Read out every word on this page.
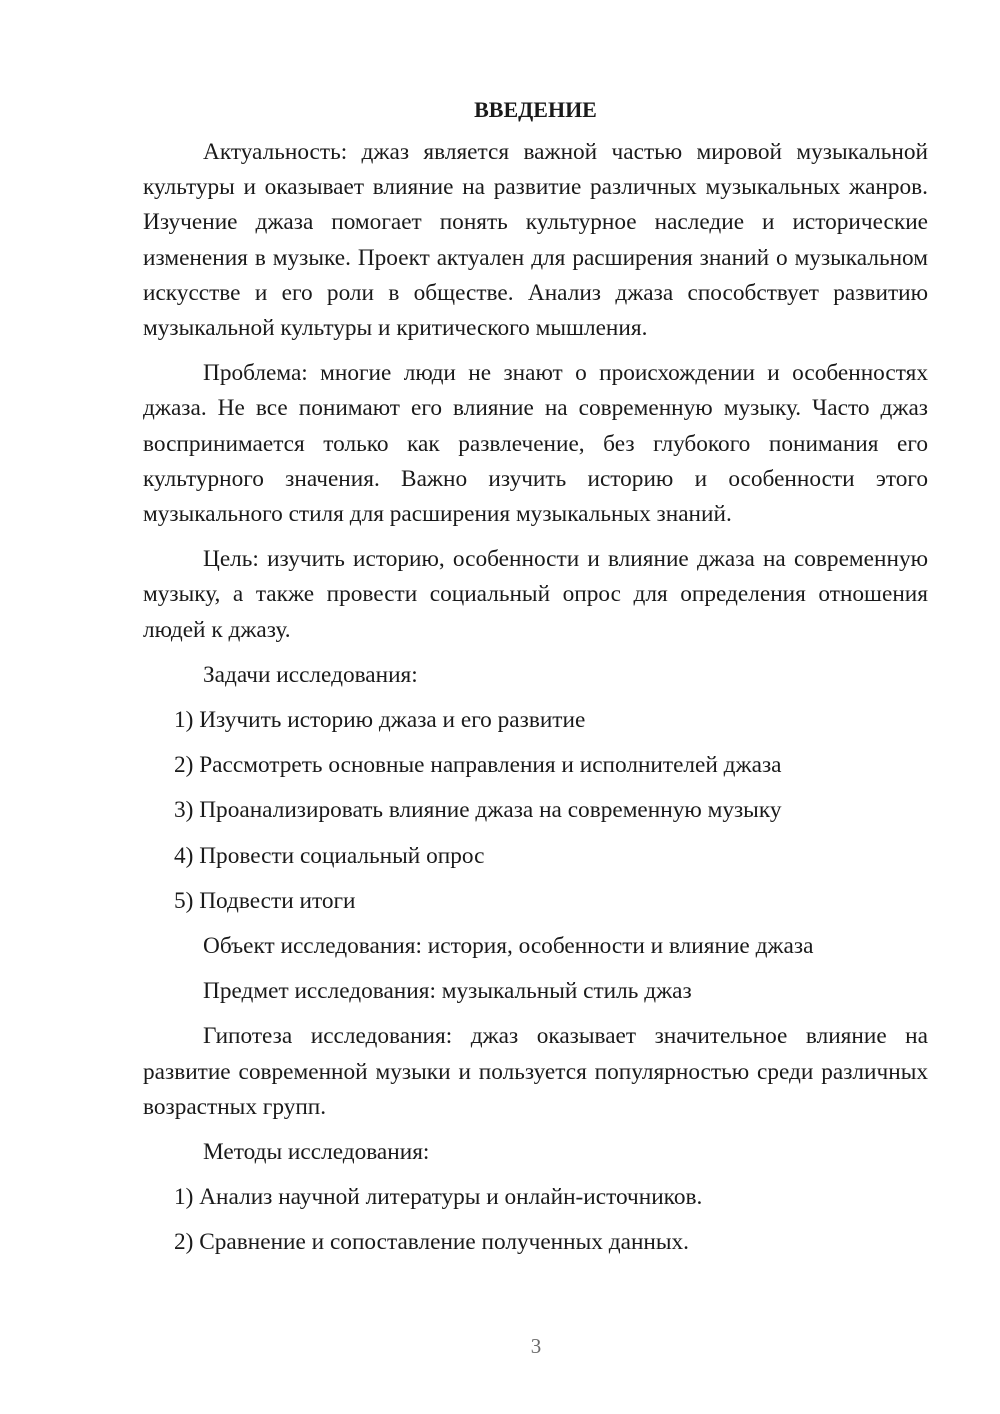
ВВЕДЕНИЕ

Актуальность: джаз является важной частью мировой музыкальной культуры и оказывает влияние на развитие различных музыкальных жанров. Изучение джаза помогает понять культурное наследие и исторические изменения в музыке. Проект актуален для расширения знаний о музыкальном искусстве и его роли в обществе. Анализ джаза способствует развитию музыкальной культуры и критического мышления.

Проблема: многие люди не знают о происхождении и особенностях джаза. Не все понимают его влияние на современную музыку. Часто джаз воспринимается только как развлечение, без глубокого понимания его культурного значения. Важно изучить историю и особенности этого музыкального стиля для расширения музыкальных знаний.

Цель: изучить историю, особенности и влияние джаза на современную музыку, а также провести социальный опрос для определения отношения людей к джазу.

Задачи исследования:
1) Изучить историю джаза и его развитие
2) Рассмотреть основные направления и исполнителей джаза
3) Проанализировать влияние джаза на современную музыку
4) Провести социальный опрос
5) Подвести итоги
Объект исследования: история, особенности и влияние джаза
Предмет исследования: музыкальный стиль джаз

Гипотеза исследования: джаз оказывает значительное влияние на развитие современной музыки и пользуется популярностью среди различных возрастных групп.

Методы исследования:
1) Анализ научной литературы и онлайн-источников.
2) Сравнение и сопоставление полученных данных.
3
